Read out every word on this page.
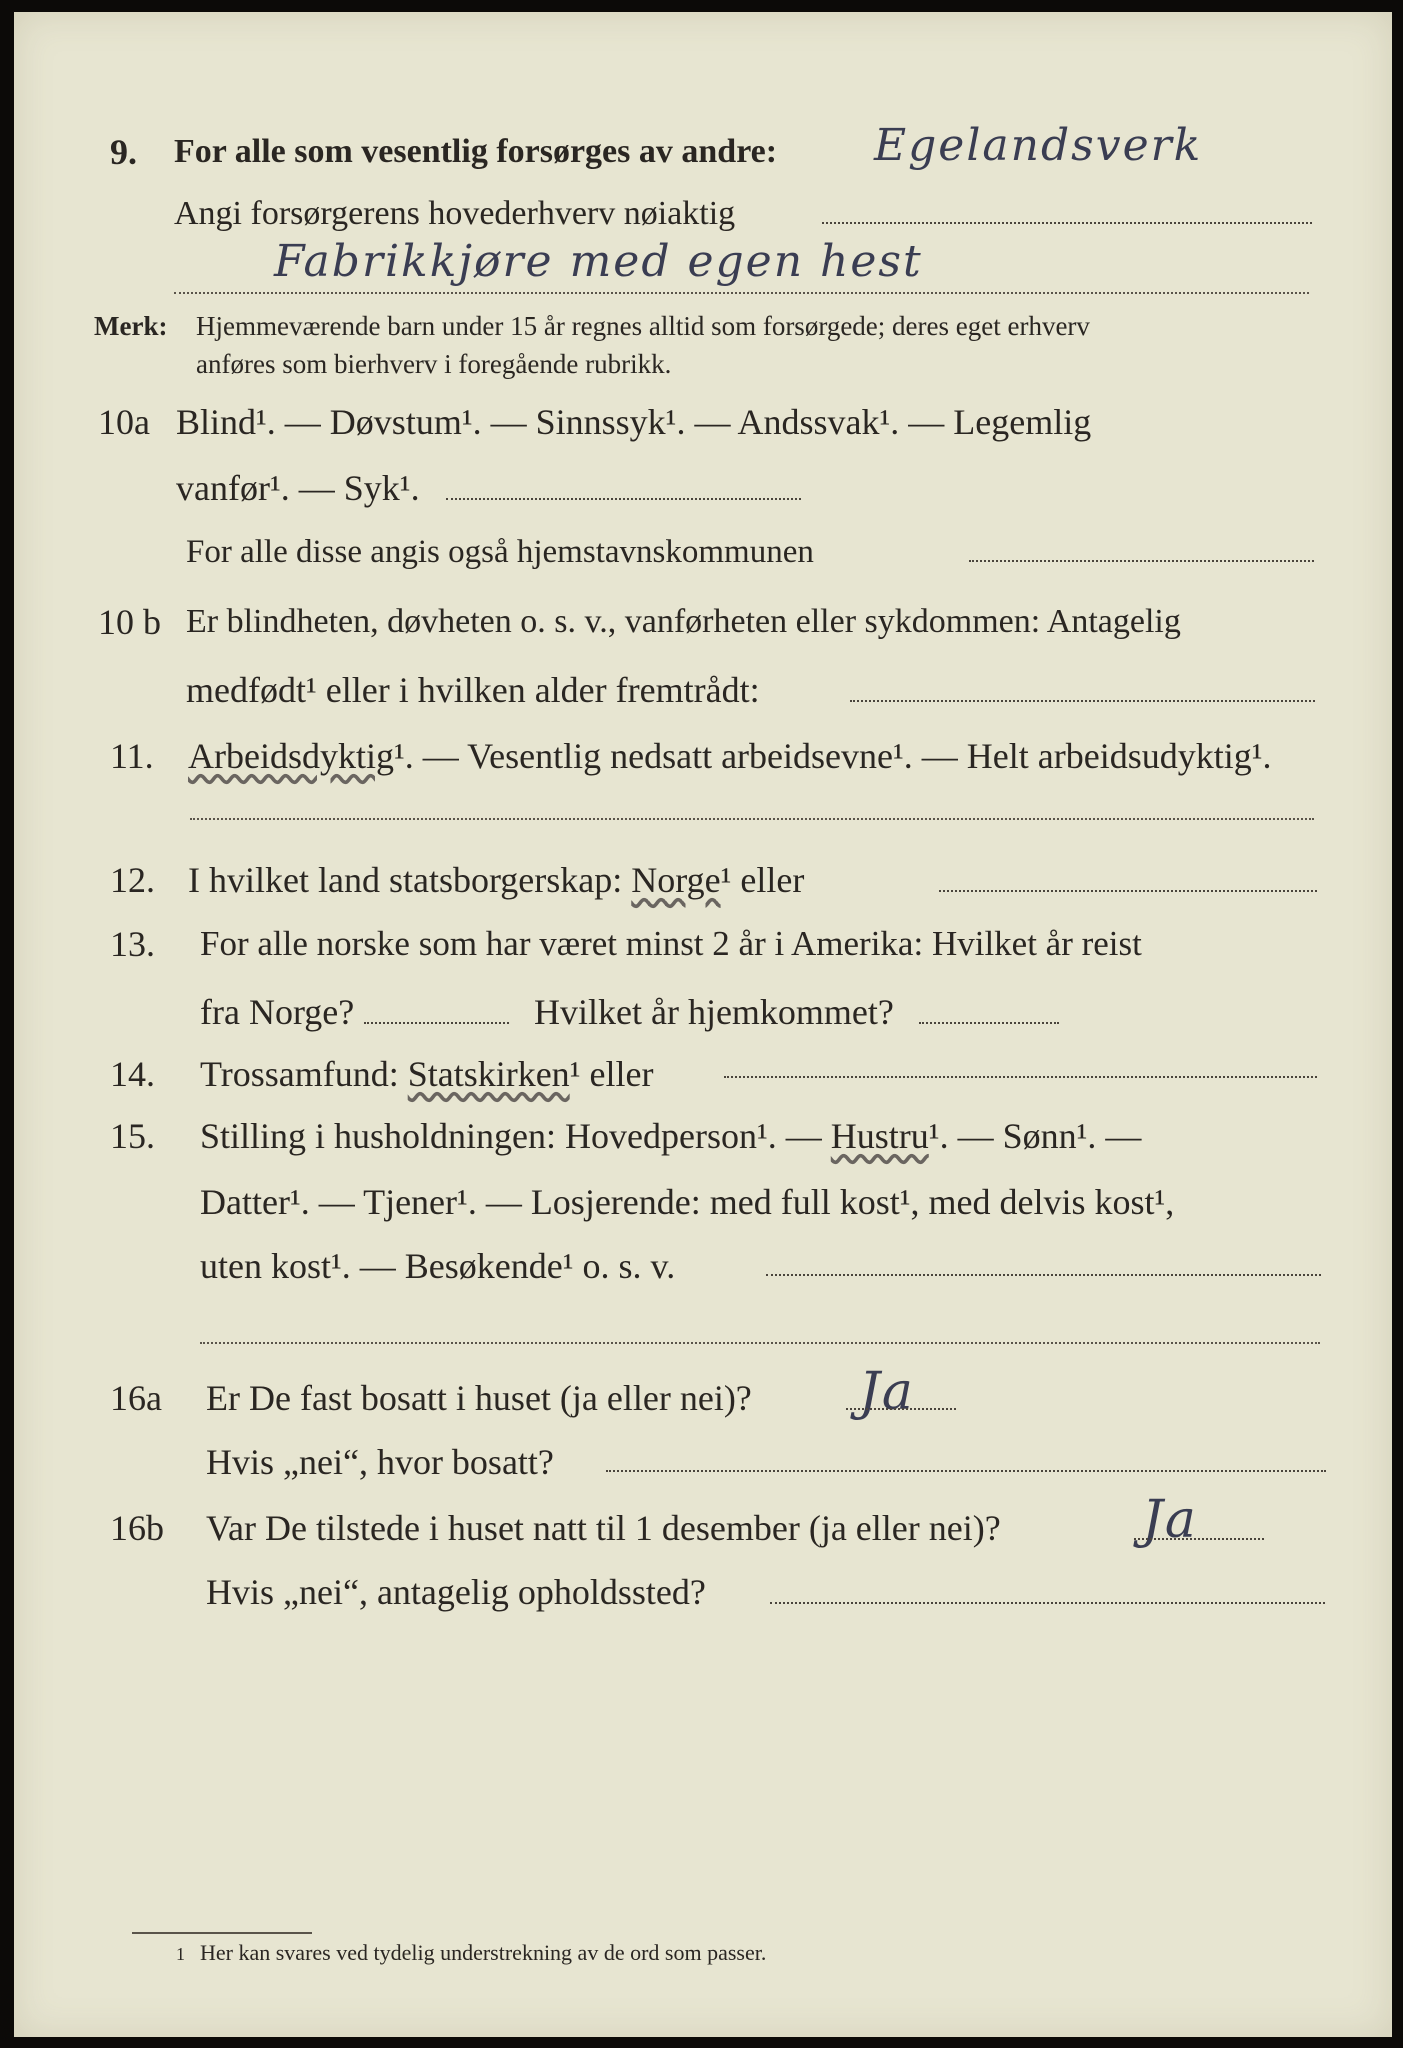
9.	For alle som vesentlig forsørges av andre: Egelandsverk
Angi forsørgerens hovederhverv nøiaktig
Fabrikkjøre med egen hest
Merk: Hjemmeværende barn under 15 år regnes alltid som forsørgede; deres eget erhverv
anføres som bierhverv i foregående rubrikk.
10a Blind¹. — Døvstum¹. — Sinnssyk¹. — Andssvak¹. — Legemlig
vanfør¹. — Syk¹.
For alle disse angis også hjemstavnskommunen
10 b Er blindheten, døvheten o. s. v., vanførheten eller sykdommen: Antagelig
medfødt¹ eller i hvilken alder fremtrådt:
11. Arbeidsdyktig¹. — Vesentlig nedsatt arbeidsevne¹. — Helt arbeidsudyktig¹.
12. I hvilket land statsborgerskap: Norge¹ eller
13.	For alle norske som har været minst 2 år i Amerika: Hvilket år reist
fra Norge?	Hvilket år hjemkommet?
14.	Trossamfund: Statskirken¹ eller
15.	Stilling i husholdningen: Hovedperson¹. — Hustru¹. — Sønn¹. —
Datter¹. — Tjener¹. — Losjerende: med full kost¹, med delvis kost¹,
uten kost¹. — Besøkende¹ o. s. v.
16a	Er De fast bosatt i huset (ja eller nei)? Ja
Hvis „nei“, hvor bosatt?
16b	Var De tilstede i huset natt til 1 desember (ja eller nei)?	Ja
Hvis „nei“, antagelig opholdssted?
1 Her kan svares ved tydelig understrekning av de ord som passer.
